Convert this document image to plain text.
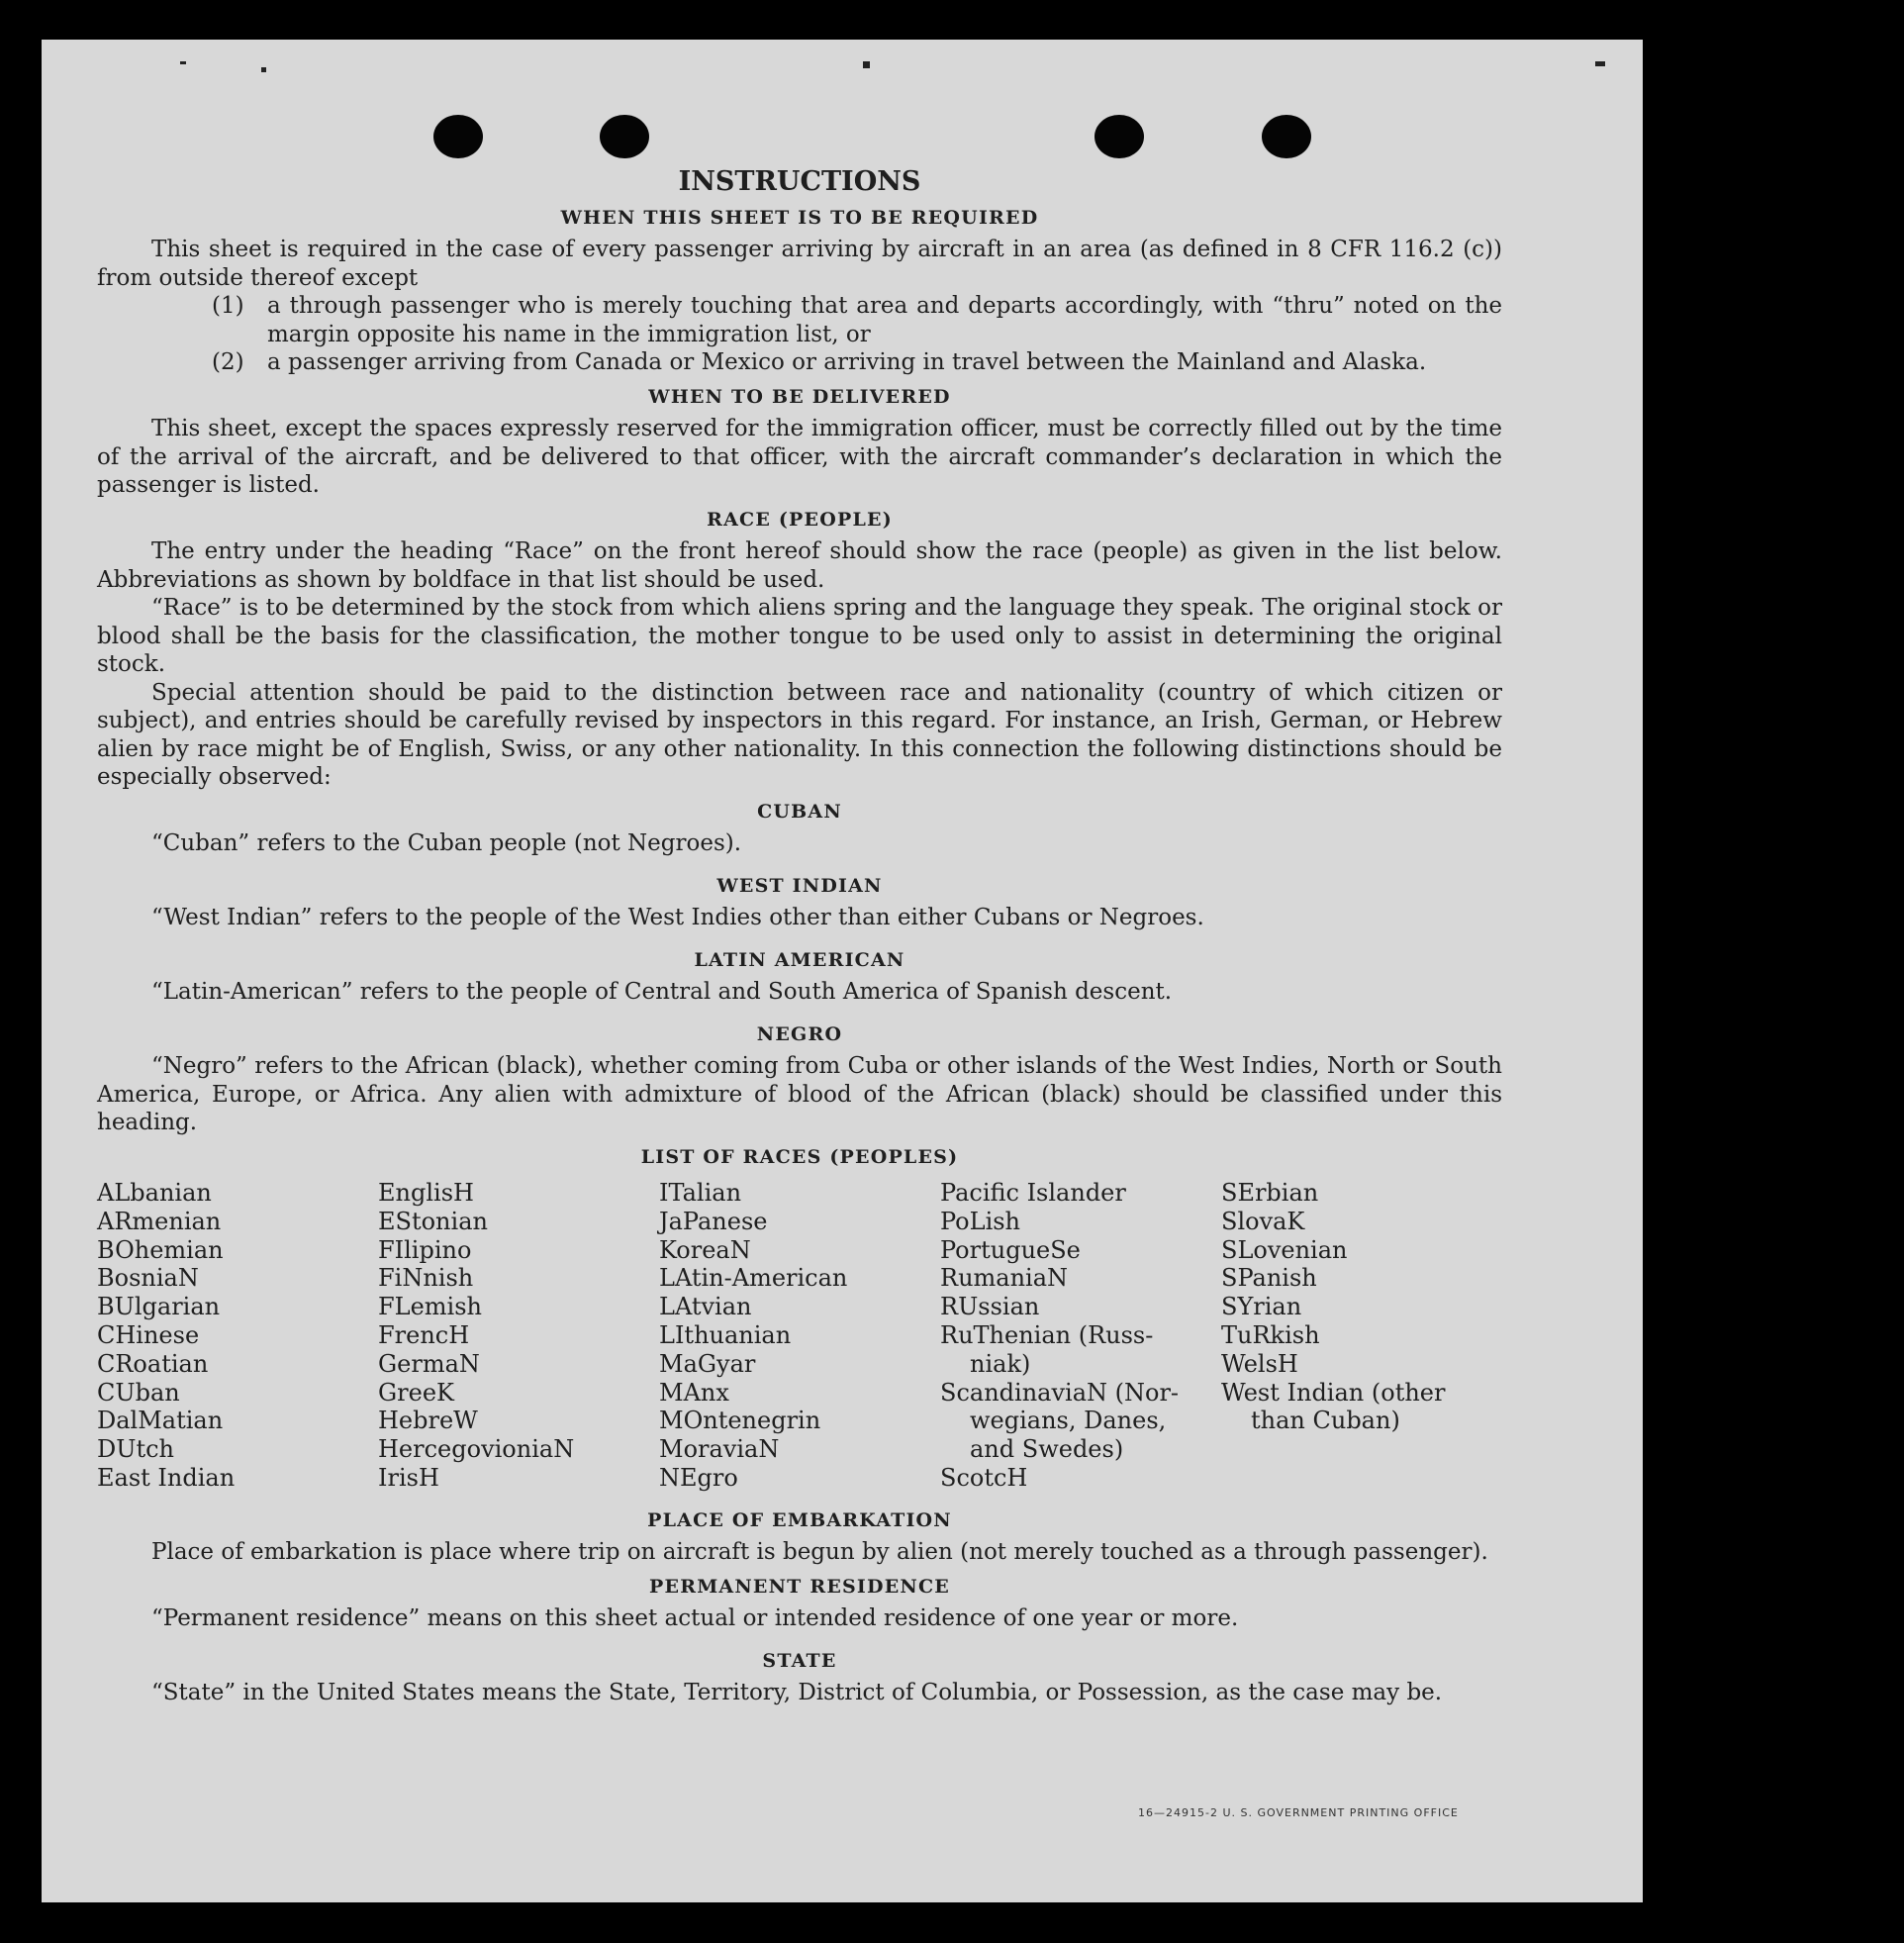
INSTRUCTIONS
WHEN THIS SHEET IS TO BE REQUIRED

This sheet is required in the case of every passenger arriving by aircraft in an area (as defined in 8 CFR 116.2 (c)) from outside thereof except

(1)	a through passenger who is merely touching that area and departs accordingly, with “thru” noted on the margin opposite his name in the immigration list, or
(2)	a passenger arriving from Canada or Mexico or arriving in travel between the Mainland and Alaska.
WHEN TO BE DELIVERED

This sheet, except the spaces expressly reserved for the immigration officer, must be correctly filled out by the time of the arrival of the aircraft, and be delivered to that officer, with the aircraft commander’s declaration in which the passenger is listed.

RACE (PEOPLE)

The entry under the heading “Race” on the front hereof should show the race (people) as given in the list below. Abbreviations as shown by boldface in that list should be used.

“Race” is to be determined by the stock from which aliens spring and the language they speak. The original stock or blood shall be the basis for the classification, the mother tongue to be used only to assist in determining the original stock.

Special attention should be paid to the distinction between race and nationality (country of which citizen or subject), and entries should be carefully revised by inspectors in this regard. For instance, an Irish, German, or Hebrew alien by race might be of English, Swiss, or any other nationality. In this connection the following distinctions should be especially observed:

CUBAN

“Cuban” refers to the Cuban people (not Negroes).

WEST INDIAN

“West Indian” refers to the people of the West Indies other than either Cubans or Negroes.

LATIN AMERICAN

“Latin-American” refers to the people of Central and South America of Spanish descent.

NEGRO

“Negro” refers to the African (black), whether coming from Cuba or other islands of the West Indies, North or South America, Europe, or Africa. Any alien with admixture of blood of the African (black) should be classified under this heading.

LIST OF RACES (PEOPLES)
ALbanian
ARmenian
BOhemian
BosniaN
BUlgarian
CHinese
CRoatian
CUban
DalMatian
DUtch
East Indian
EnglisH
EStonian
FIlipino
FiNnish
FLemish
FrencH
GermaN
GreeK
HebreW
HercegovioniaN
IrisH
ITalian
JaPanese
KoreaN
LAtin-American
LAtvian
LIthuanian
MaGyar
MAnx
MOntenegrin
MoraviaN
NEgro
Pacific Islander
PoLish
PortugueSe
RumaniaN
RUssian
RuThenian (Russ-
niak)
ScandinaviaN (Nor-
wegians, Danes,
and Swedes)
ScotcH
SErbian
SlovaK
SLovenian
SPanish
SYrian
TuRkish
WelsH
West Indian (other
than Cuban)
PLACE OF EMBARKATION

Place of embarkation is place where trip on aircraft is begun by alien (not merely touched as a through passenger).

PERMANENT RESIDENCE

“Permanent residence” means on this sheet actual or intended residence of one year or more.

STATE

“State” in the United States means the State, Territory, District of Columbia, or Possession, as the case may be.

16—24915-2 U. S. GOVERNMENT PRINTING OFFICE
